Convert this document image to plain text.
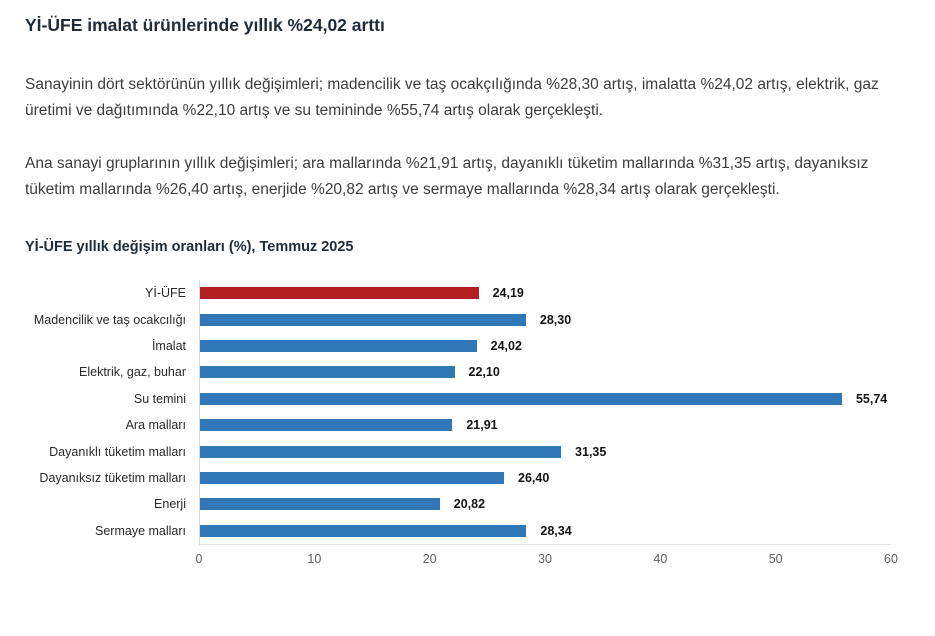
Yİ-ÜFE imalat ürünlerinde yıllık %24,02 arttı

Sanayinin dört sektörünün yıllık değişimleri; madencilik ve taş ocakçılığında %28,30 artış, imalatta %24,02 artış, elektrik, gaz üretimi ve dağıtımında %22,10 artış ve su temininde %55,74 artış olarak gerçekleşti.

Ana sanayi gruplarının yıllık değişimleri; ara mallarında %21,91 artış, dayanıklı tüketim mallarında %31,35 artış, dayanıksız tüketim mallarında %26,40 artış, enerjide %20,82 artış ve sermaye mallarında %28,34 artış olarak gerçekleşti.

Yİ-ÜFE yıllık değişim oranları (%), Temmuz 2025
Yİ-ÜFE
Madencilik ve taş ocakcılığı
İmalat
Elektrik, gaz, buhar
Su temini
Ara malları
Dayanıklı tüketim malları
Dayanıksız tüketim malları
Enerji
Sermaye malları
24,19
28,30
24,02
22,10
55,74
21,91
31,35
26,40
20,82
28,34
0	10	20	30	40	50	60
